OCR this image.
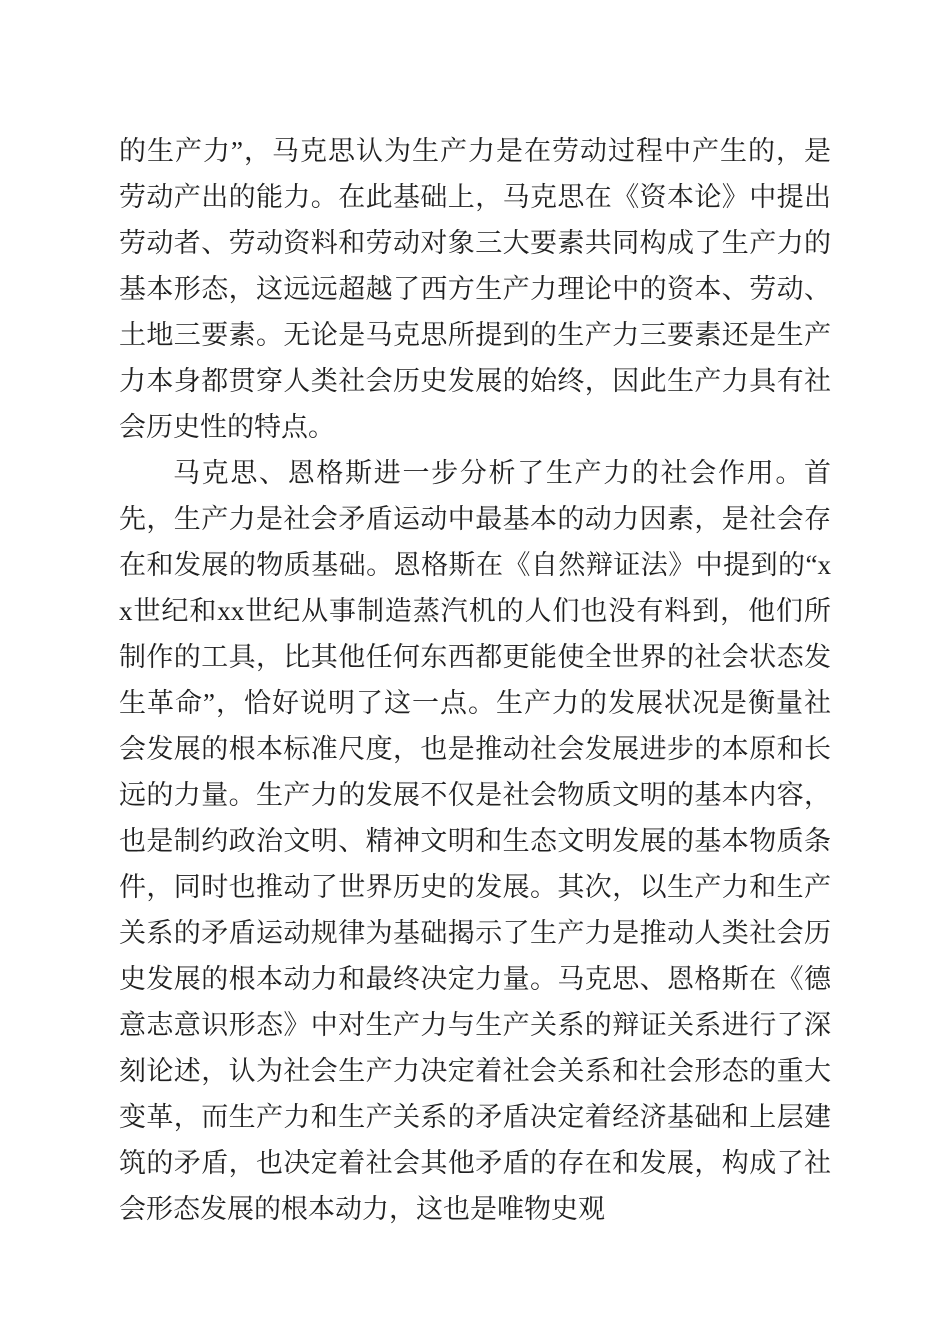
的生产力”，马克思认为生产力是在劳动过程中产生的，是劳动产出的能力。在此基础上，马克思在《资本论》中提出劳动者、劳动资料和劳动对象三大要素共同构成了生产力的基本形态，这远远超越了西方生产力理论中的资本、劳动、土地三要素。无论是马克思所提到的生产力三要素还是生产力本身都贯穿人类社会历史发展的始终，因此生产力具有社会历史性的特点。

马克思、恩格斯进一步分析了生产力的社会作用。首先，生产力是社会矛盾运动中最基本的动力因素，是社会存在和发展的物质基础。恩格斯在《自然辩证法》中提到的“xx世纪和xx世纪从事制造蒸汽机的人们也没有料到，他们所制作的工具，比其他任何东西都更能使全世界的社会状态发生革命”，恰好说明了这一点。生产力的发展状况是衡量社会发展的根本标准尺度，也是推动社会发展进步的本原和长远的力量。生产力的发展不仅是社会物质文明的基本内容，也是制约政治文明、精神文明和生态文明发展的基本物质条件，同时也推动了世界历史的发展。其次，以生产力和生产关系的矛盾运动规律为基础揭示了生产力是推动人类社会历史发展的根本动力和最终决定力量。马克思、恩格斯在《德意志意识形态》中对生产力与生产关系的辩证关系进行了深刻论述，认为社会生产力决定着社会关系和社会形态的重大变革，而生产力和生产关系的矛盾决定着经济基础和上层建筑的矛盾，也决定着社会其他矛盾的存在和发展，构成了社会形态发展的根本动力，这也是唯物史观
